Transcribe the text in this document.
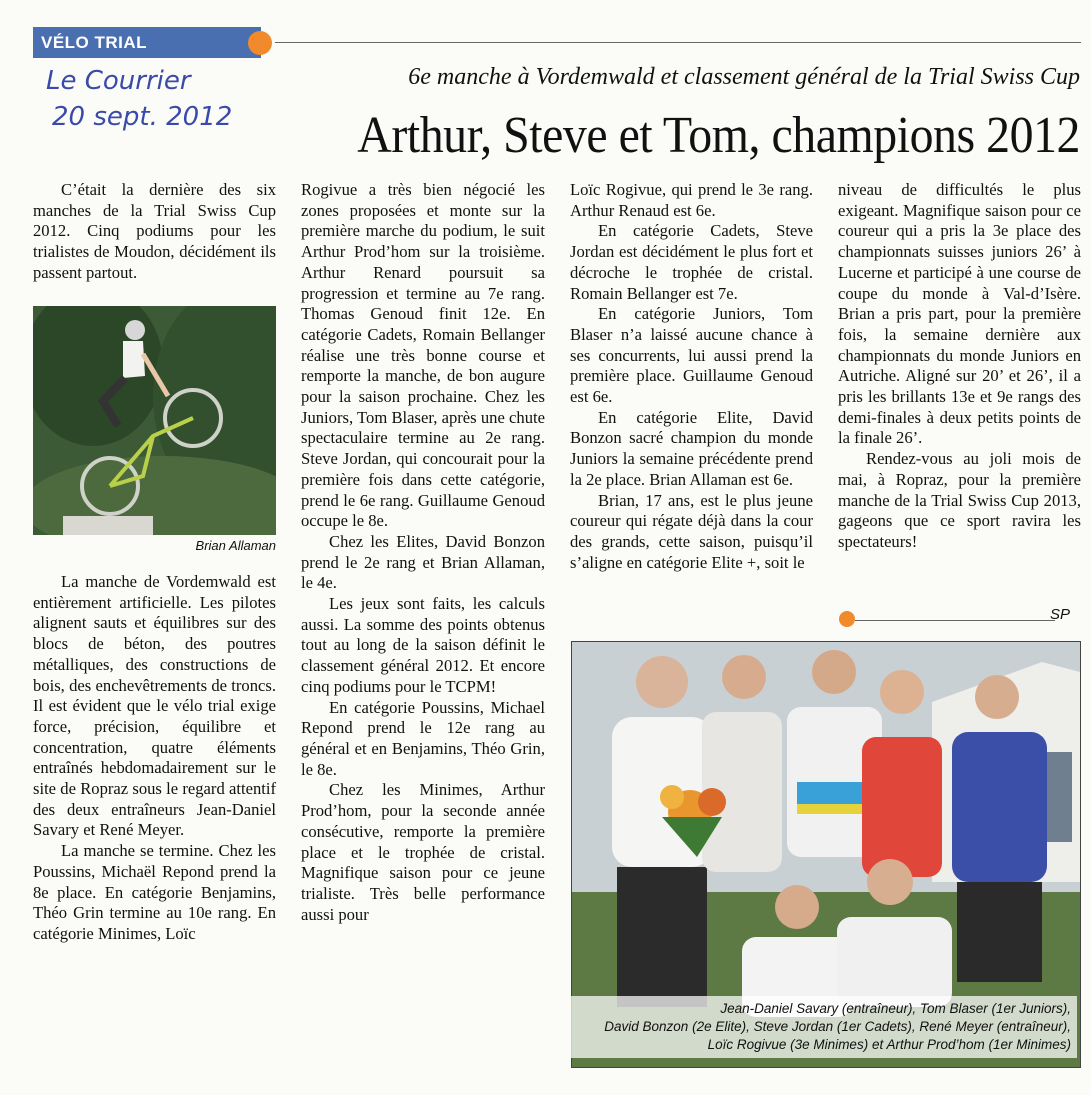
VÉLO TRIAL
Le Courrier
20 sept. 2012
6e manche à Vordemwald et classement général de la Trial Swiss Cup
Arthur, Steve et Tom, champions 2012

C’était la dernière des six manches de la Trial Swiss Cup 2012. Cinq podiums pour les trialistes de Moudon, décidément ils passent partout.

Brian Allaman

La manche de Vordemwald est entièrement artificielle. Les pilotes alignent sauts et équilibres sur des blocs de béton, des poutres métalliques, des constructions de bois, des enchevêtrements de troncs. Il est évident que le vélo trial exige force, précision, équilibre et concentration, quatre éléments entraînés hebdomadairement sur le site de Ropraz sous le regard attentif des deux entraîneurs Jean-Daniel Savary et René Meyer.

La manche se termine. Chez les Poussins, Michaël Repond prend la 8e place. En catégorie Benjamins, Théo Grin termine au 10e rang. En catégorie Minimes, Loïc

Rogivue a très bien négocié les zones proposées et monte sur la première marche du podium, le suit Arthur Prod’hom sur la troisième. Arthur Renard poursuit sa progression et termine au 7e rang. Thomas Genoud finit 12e. En catégorie Cadets, Romain Bellanger réalise une très bonne course et remporte la manche, de bon augure pour la saison prochaine. Chez les Juniors, Tom Blaser, après une chute spectaculaire termine au 2e rang. Steve Jordan, qui concourait pour la première fois dans cette catégorie, prend le 6e rang. Guillaume Genoud occupe le 8e.

Chez les Elites, David Bonzon prend le 2e rang et Brian Allaman, le 4e.

Les jeux sont faits, les calculs aussi. La somme des points obtenus tout au long de la saison définit le classement général 2012. Et encore cinq podiums pour le TCPM!

En catégorie Poussins, Michael Repond prend le 12e rang au général et en Benjamins, Théo Grin, le 8e.

Chez les Minimes, Arthur Prod’hom, pour la seconde année consécutive, remporte la première place et le trophée de cristal. Magnifique saison pour ce jeune trialiste. Très belle performance aussi pour

Loïc Rogivue, qui prend le 3e rang. Arthur Renaud est 6e.

En catégorie Cadets, Steve Jordan est décidément le plus fort et décroche le trophée de cristal. Romain Bellanger est 7e.

En catégorie Juniors, Tom Blaser n’a laissé aucune chance à ses concurrents, lui aussi prend la première place. Guillaume Genoud est 6e.

En catégorie Elite, David Bonzon sacré champion du monde Juniors la semaine précédente prend la 2e place. Brian Allaman est 6e.

Brian, 17 ans, est le plus jeune coureur qui régate déjà dans la cour des grands, cette saison, puisqu’il s’aligne en catégorie Elite +, soit le

niveau de difficultés le plus exigeant. Magnifique saison pour ce coureur qui a pris la 3e place des championnats suisses juniors 26’ à Lucerne et participé à une course de coupe du monde à Val-d’Isère. Brian a pris part, pour la première fois, la semaine dernière aux championnats du monde Juniors en Autriche. Aligné sur 20’ et 26’, il a pris les brillants 13e et 9e rangs des demi-finales à deux petits points de la finale 26’.

Rendez-vous au joli mois de mai, à Ropraz, pour la première manche de la Trial Swiss Cup 2013, gageons que ce sport ravira les spectateurs!

SP
Jean-Daniel Savary (entraîneur), Tom Blaser (1er Juniors),
David Bonzon (2e Elite), Steve Jordan (1er Cadets), René Meyer (entraîneur),
Loïc Rogivue (3e Minimes) et Arthur Prod’hom (1er Minimes)
